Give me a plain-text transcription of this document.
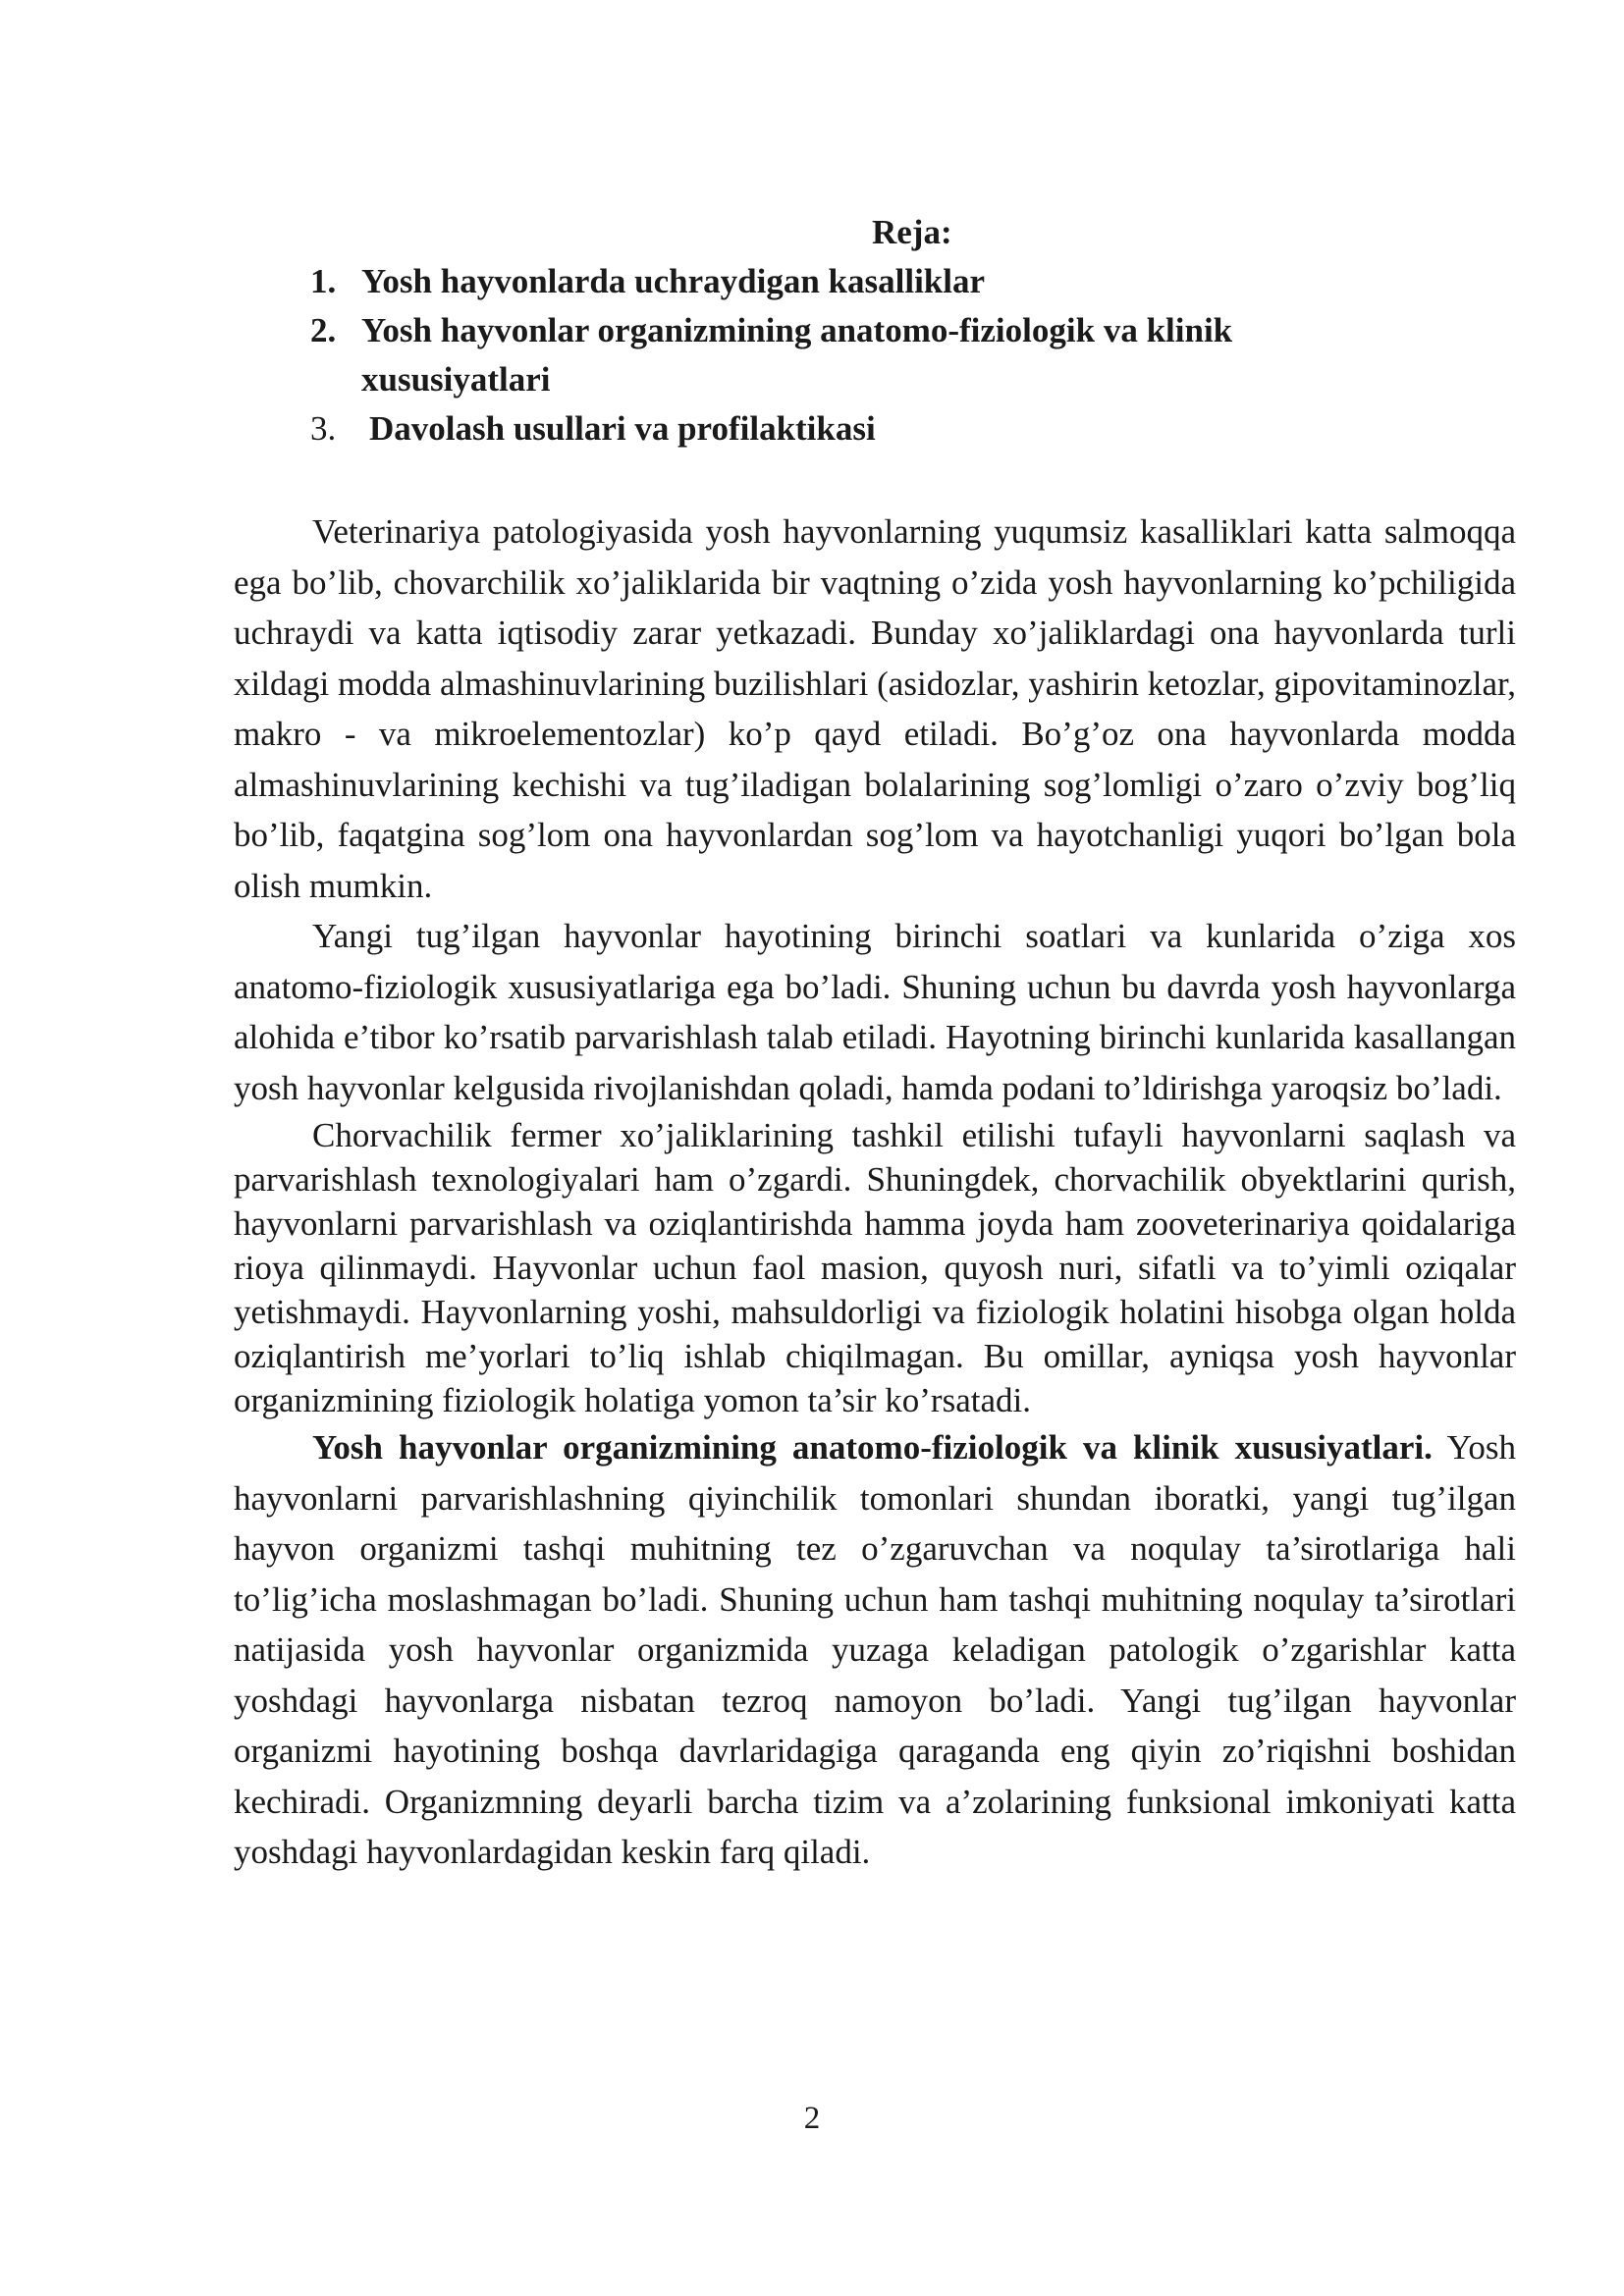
Reja:
1. Yosh hayvonlarda uchraydigan kasalliklar
2. Yosh hayvonlar organizmining anatomo-fiziologik va klinik xususiyatlari
3. Davolash usullari va profilaktikasi

Veterinariya patologiyasida yosh hayvonlarning yuqumsiz kasalliklari katta salmoqqa ega bo’lib, chovarchilik xo’jaliklarida bir vaqtning o’zida yosh hayvonlarning ko’pchiligida uchraydi va katta iqtisodiy zarar yetkazadi. Bunday xo’jaliklardagi ona hayvonlarda turli xildagi modda almashinuvlarining buzilishlari (asidozlar, yashirin ketozlar, gipovitaminozlar, makro - va mikroelementozlar) ko’p qayd etiladi. Bo’g’oz ona hayvonlarda modda almashinuvlarining kechishi va tug’iladigan bolalarining sog’lomligi o’zaro o’zviy bog’liq bo’lib, faqatgina sog’lom ona hayvonlardan sog’lom va hayotchanligi yuqori bo’lgan bola olish mumkin.

Yangi tug’ilgan hayvonlar hayotining birinchi soatlari va kunlarida o’ziga xos anatomo-fiziologik xususiyatlariga ega bo’ladi. Shuning uchun bu davrda yosh hayvonlarga alohida e’tibor ko’rsatib parvarishlash talab etiladi. Hayotning birinchi kunlarida kasallangan yosh hayvonlar kelgusida rivojlanishdan qoladi, hamda podani to’ldirishga yaroqsiz bo’ladi.

Chorvachilik fermer xo’jaliklarining tashkil etilishi tufayli hayvonlarni saqlash va parvarishlash texnologiyalari ham o’zgardi. Shuningdek, chorvachilik obyektlarini qurish, hayvonlarni parvarishlash va oziqlantirishda hamma joyda ham zooveterinariya qoidalariga rioya qilinmaydi. Hayvonlar uchun faol masion, quyosh nuri, sifatli va to’yimli oziqalar yetishmaydi. Hayvonlarning yoshi, mahsuldorligi va fiziologik holatini hisobga olgan holda oziqlantirish me’yorlari to’liq ishlab chiqilmagan. Bu omillar, ayniqsa yosh hayvonlar organizmining fiziologik holatiga yomon ta’sir ko’rsatadi.

Yosh hayvonlar organizmining anatomo-fiziologik va klinik xususiyatlari. Yosh hayvonlarni parvarishlashning qiyinchilik tomonlari shundan iboratki, yangi tug’ilgan hayvon organizmi tashqi muhitning tez o’zgaruvchan va noqulay ta’sirotlariga hali to’lig’icha moslashmagan bo’ladi. Shuning uchun ham tashqi muhitning noqulay ta’sirotlari natijasida yosh hayvonlar organizmida yuzaga keladigan patologik o’zgarishlar katta yoshdagi hayvonlarga nisbatan tezroq namoyon bo’ladi. Yangi tug’ilgan hayvonlar organizmi hayotining boshqa davrlaridagiga qaraganda eng qiyin zo’riqishni boshidan kechiradi. Organizmning deyarli barcha tizim va a’zolarining funksional imkoniyati katta yoshdagi hayvonlardagidan keskin farq qiladi.

2
